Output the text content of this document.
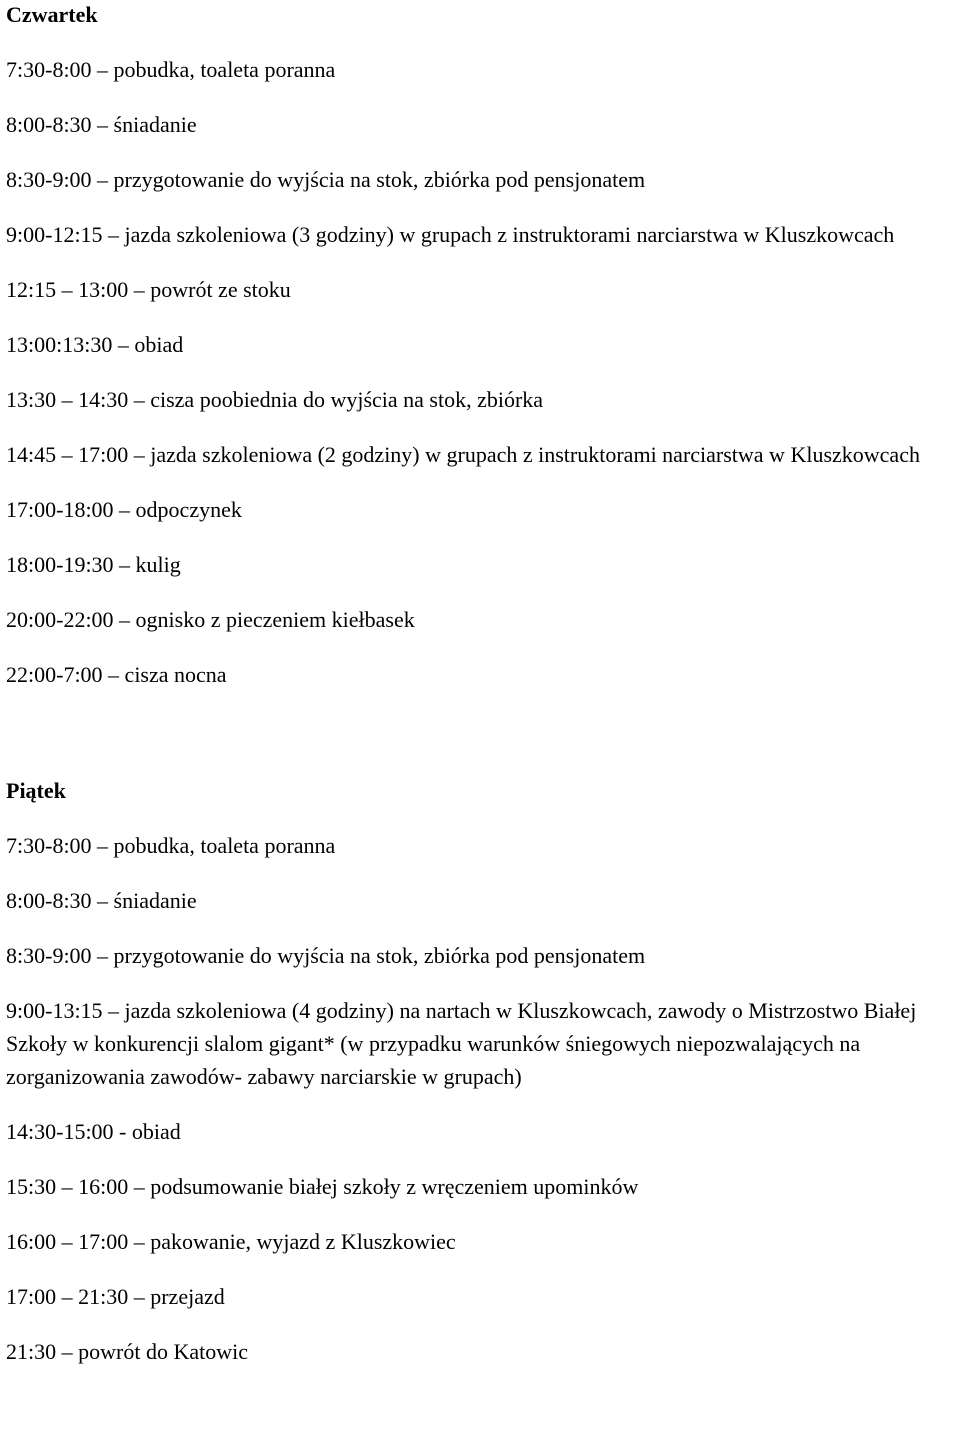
Czwartek

7:30-8:00 – pobudka, toaleta poranna

8:00-8:30 – śniadanie

8:30-9:00 – przygotowanie do wyjścia na stok, zbiórka pod pensjonatem

9:00-12:15 – jazda szkoleniowa (3 godziny) w grupach z instruktorami narciarstwa w Kluszkowcach

12:15 – 13:00 – powrót ze stoku

13:00:13:30 – obiad

13:30 – 14:30 – cisza poobiednia do wyjścia na stok, zbiórka

14:45 – 17:00 – jazda szkoleniowa (2 godziny) w grupach z instruktorami narciarstwa w Kluszkowcach

17:00-18:00 – odpoczynek

18:00-19:30 – kulig

20:00-22:00 – ognisko z pieczeniem kiełbasek

22:00-7:00 – cisza nocna

Piątek

7:30-8:00 – pobudka, toaleta poranna

8:00-8:30 – śniadanie

8:30-9:00 – przygotowanie do wyjścia na stok, zbiórka pod pensjonatem

9:00-13:15 – jazda szkoleniowa (4 godziny) na nartach w Kluszkowcach, zawody o Mistrzostwo Białej Szkoły w konkurencji slalom gigant* (w przypadku warunków śniegowych niepozwalających na zorganizowania zawodów- zabawy narciarskie w grupach)

14:30-15:00 - obiad

15:30 – 16:00 – podsumowanie białej szkoły z wręczeniem upominków

16:00 – 17:00 – pakowanie, wyjazd z Kluszkowiec

17:00 – 21:30 – przejazd

21:30 – powrót do Katowic
